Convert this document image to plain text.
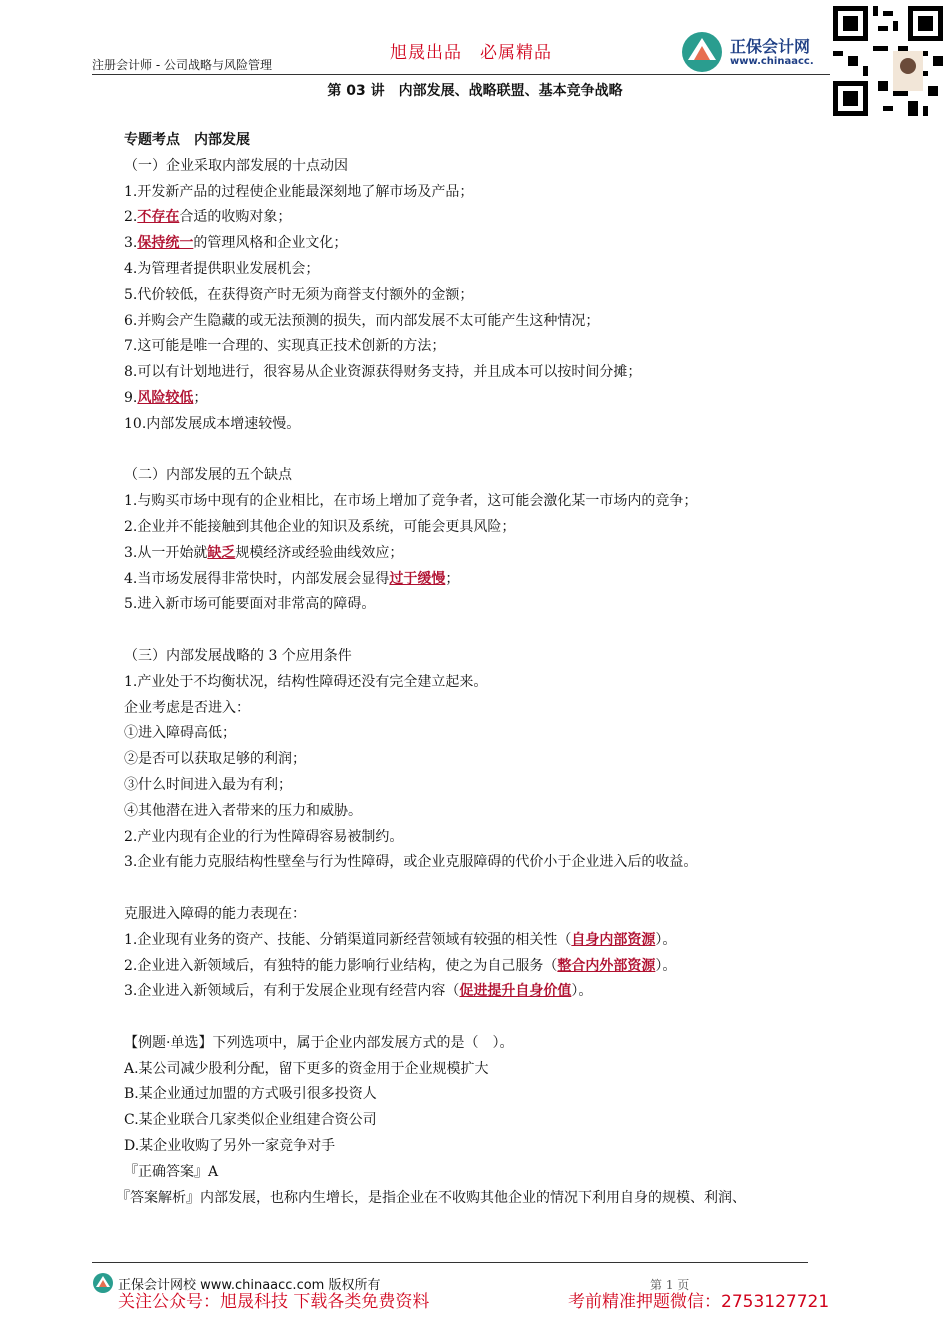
注册会计师 - 公司战略与风险管理
旭晟出品　必属精品	正保会计网
www.chinaacc.
第 03 讲　内部发展、战略联盟、基本竞争战略
专题考点　内部发展
（一）企业采取内部发展的十点动因
1.开发新产品的过程使企业能最深刻地了解市场及产品；
2.不存在合适的收购对象；
3.保持统一的管理风格和企业文化；
4.为管理者提供职业发展机会；
5.代价较低，在获得资产时无须为商誉支付额外的金额；
6.并购会产生隐藏的或无法预测的损失，而内部发展不太可能产生这种情况；
7.这可能是唯一合理的、实现真正技术创新的方法；
8.可以有计划地进行，很容易从企业资源获得财务支持，并且成本可以按时间分摊；
9.风险较低；
10.内部发展成本增速较慢。
（二）内部发展的五个缺点
1.与购买市场中现有的企业相比，在市场上增加了竞争者，这可能会激化某一市场内的竞争；
2.企业并不能接触到其他企业的知识及系统，可能会更具风险；
3.从一开始就缺乏规模经济或经验曲线效应；
4.当市场发展得非常快时，内部发展会显得过于缓慢；
5.进入新市场可能要面对非常高的障碍。
（三）内部发展战略的 3 个应用条件
1.产业处于不均衡状况，结构性障碍还没有完全建立起来。
企业考虑是否进入：
①进入障碍高低；
②是否可以获取足够的利润；
③什么时间进入最为有利；
④其他潜在进入者带来的压力和威胁。
2.产业内现有企业的行为性障碍容易被制约。
3.企业有能力克服结构性壁垒与行为性障碍，或企业克服障碍的代价小于企业进入后的收益。
克服进入障碍的能力表现在：
1.企业现有业务的资产、技能、分销渠道同新经营领域有较强的相关性（自身内部资源）。
2.企业进入新领域后，有独特的能力影响行业结构，使之为自己服务（整合内外部资源）。
3.企业进入新领域后，有利于发展企业现有经营内容（促进提升自身价值）。
【例题·单选】下列选项中，属于企业内部发展方式的是（　）。
A.某公司减少股利分配，留下更多的资金用于企业规模扩大
B.某企业通过加盟的方式吸引很多投资人
C.某企业联合几家类似企业组建合资公司
D.某企业收购了另外一家竞争对手
『正确答案』A
『答案解析』内部发展，也称内生增长，是指企业在不收购其他企业的情况下利用自身的规模、利润、
正保会计网校 www.chinaacc.com 版权所有	第 1 页
关注公众号：旭晟科技 下载各类免费资料	考前精准押题微信：2753127721
